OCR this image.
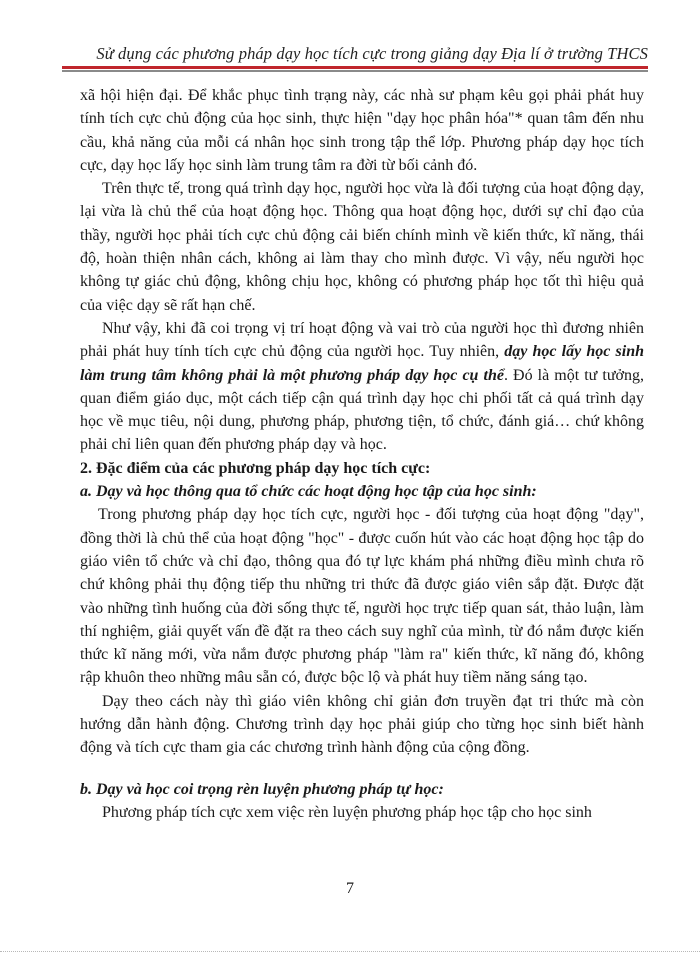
Sử dụng các phương pháp dạy học tích cực trong giảng dạy Địa lí ở trường THCS

xã hội hiện đại. Để khắc phục tình trạng này, các nhà sư phạm kêu gọi phải phát huy tính tích cực chủ động của học sinh, thực hiện "dạy học phân hóa"* quan tâm đến nhu cầu, khả năng của mỗi cá nhân học sinh trong tập thể lớp. Phương pháp dạy học tích cực, dạy học lấy học sinh làm trung tâm ra đời từ bối cảnh đó.

Trên thực tế, trong quá trình dạy học, người học vừa là đối tượng của hoạt động dạy, lại vừa là chủ thể của hoạt động học. Thông qua hoạt động học, dưới sự chỉ đạo của thầy, người học phải tích cực chủ động cải biến chính mình về kiến thức, kĩ năng, thái độ, hoàn thiện nhân cách, không ai làm thay cho mình được. Vì vậy, nếu người học không tự giác chủ động, không chịu học, không có phương pháp học tốt thì hiệu quả của việc dạy sẽ rất hạn chế.

Như vậy, khi đã coi trọng vị trí hoạt động và vai trò của người học thì đương nhiên phải phát huy tính tích cực chủ động của người học. Tuy nhiên, dạy học lấy học sinh làm trung tâm không phải là một phương pháp dạy học cụ thể. Đó là một tư tưởng, quan điểm giáo dục, một cách tiếp cận quá trình dạy học chi phối tất cả quá trình dạy học về mục tiêu, nội dung, phương pháp, phương tiện, tổ chức, đánh giá… chứ không phải chỉ liên quan đến phương pháp dạy và học.

2. Đặc điểm của các phương pháp dạy học tích cực:

a. Dạy và học thông qua tổ chức các hoạt động học tập của học sinh:

Trong phương pháp dạy học tích cực, người học - đối tượng của hoạt động "dạy", đồng thời là chủ thể của hoạt động "học" - được cuốn hút vào các hoạt động học tập do giáo viên tổ chức và chỉ đạo, thông qua đó tự lực khám phá những điều mình chưa rõ chứ không phải thụ động tiếp thu những tri thức đã được giáo viên sắp đặt. Được đặt vào những tình huống của đời sống thực tế, người học trực tiếp quan sát, thảo luận, làm thí nghiệm, giải quyết vấn đề đặt ra theo cách suy nghĩ của mình, từ đó nắm được kiến thức kĩ năng mới, vừa nắm được phương pháp "làm ra" kiến thức, kĩ năng đó, không rập khuôn theo những mâu sẵn có, được bộc lộ và phát huy tiềm năng sáng tạo.

Dạy theo cách này thì giáo viên không chỉ giản đơn truyền đạt tri thức mà còn hướng dẫn hành động. Chương trình dạy học phải giúp cho từng học sinh biết hành động và tích cực tham gia các chương trình hành động của cộng đồng.

b. Dạy và học coi trọng rèn luyện phương pháp tự học:

Phương pháp tích cực xem việc rèn luyện phương pháp học tập cho học sinh

7
